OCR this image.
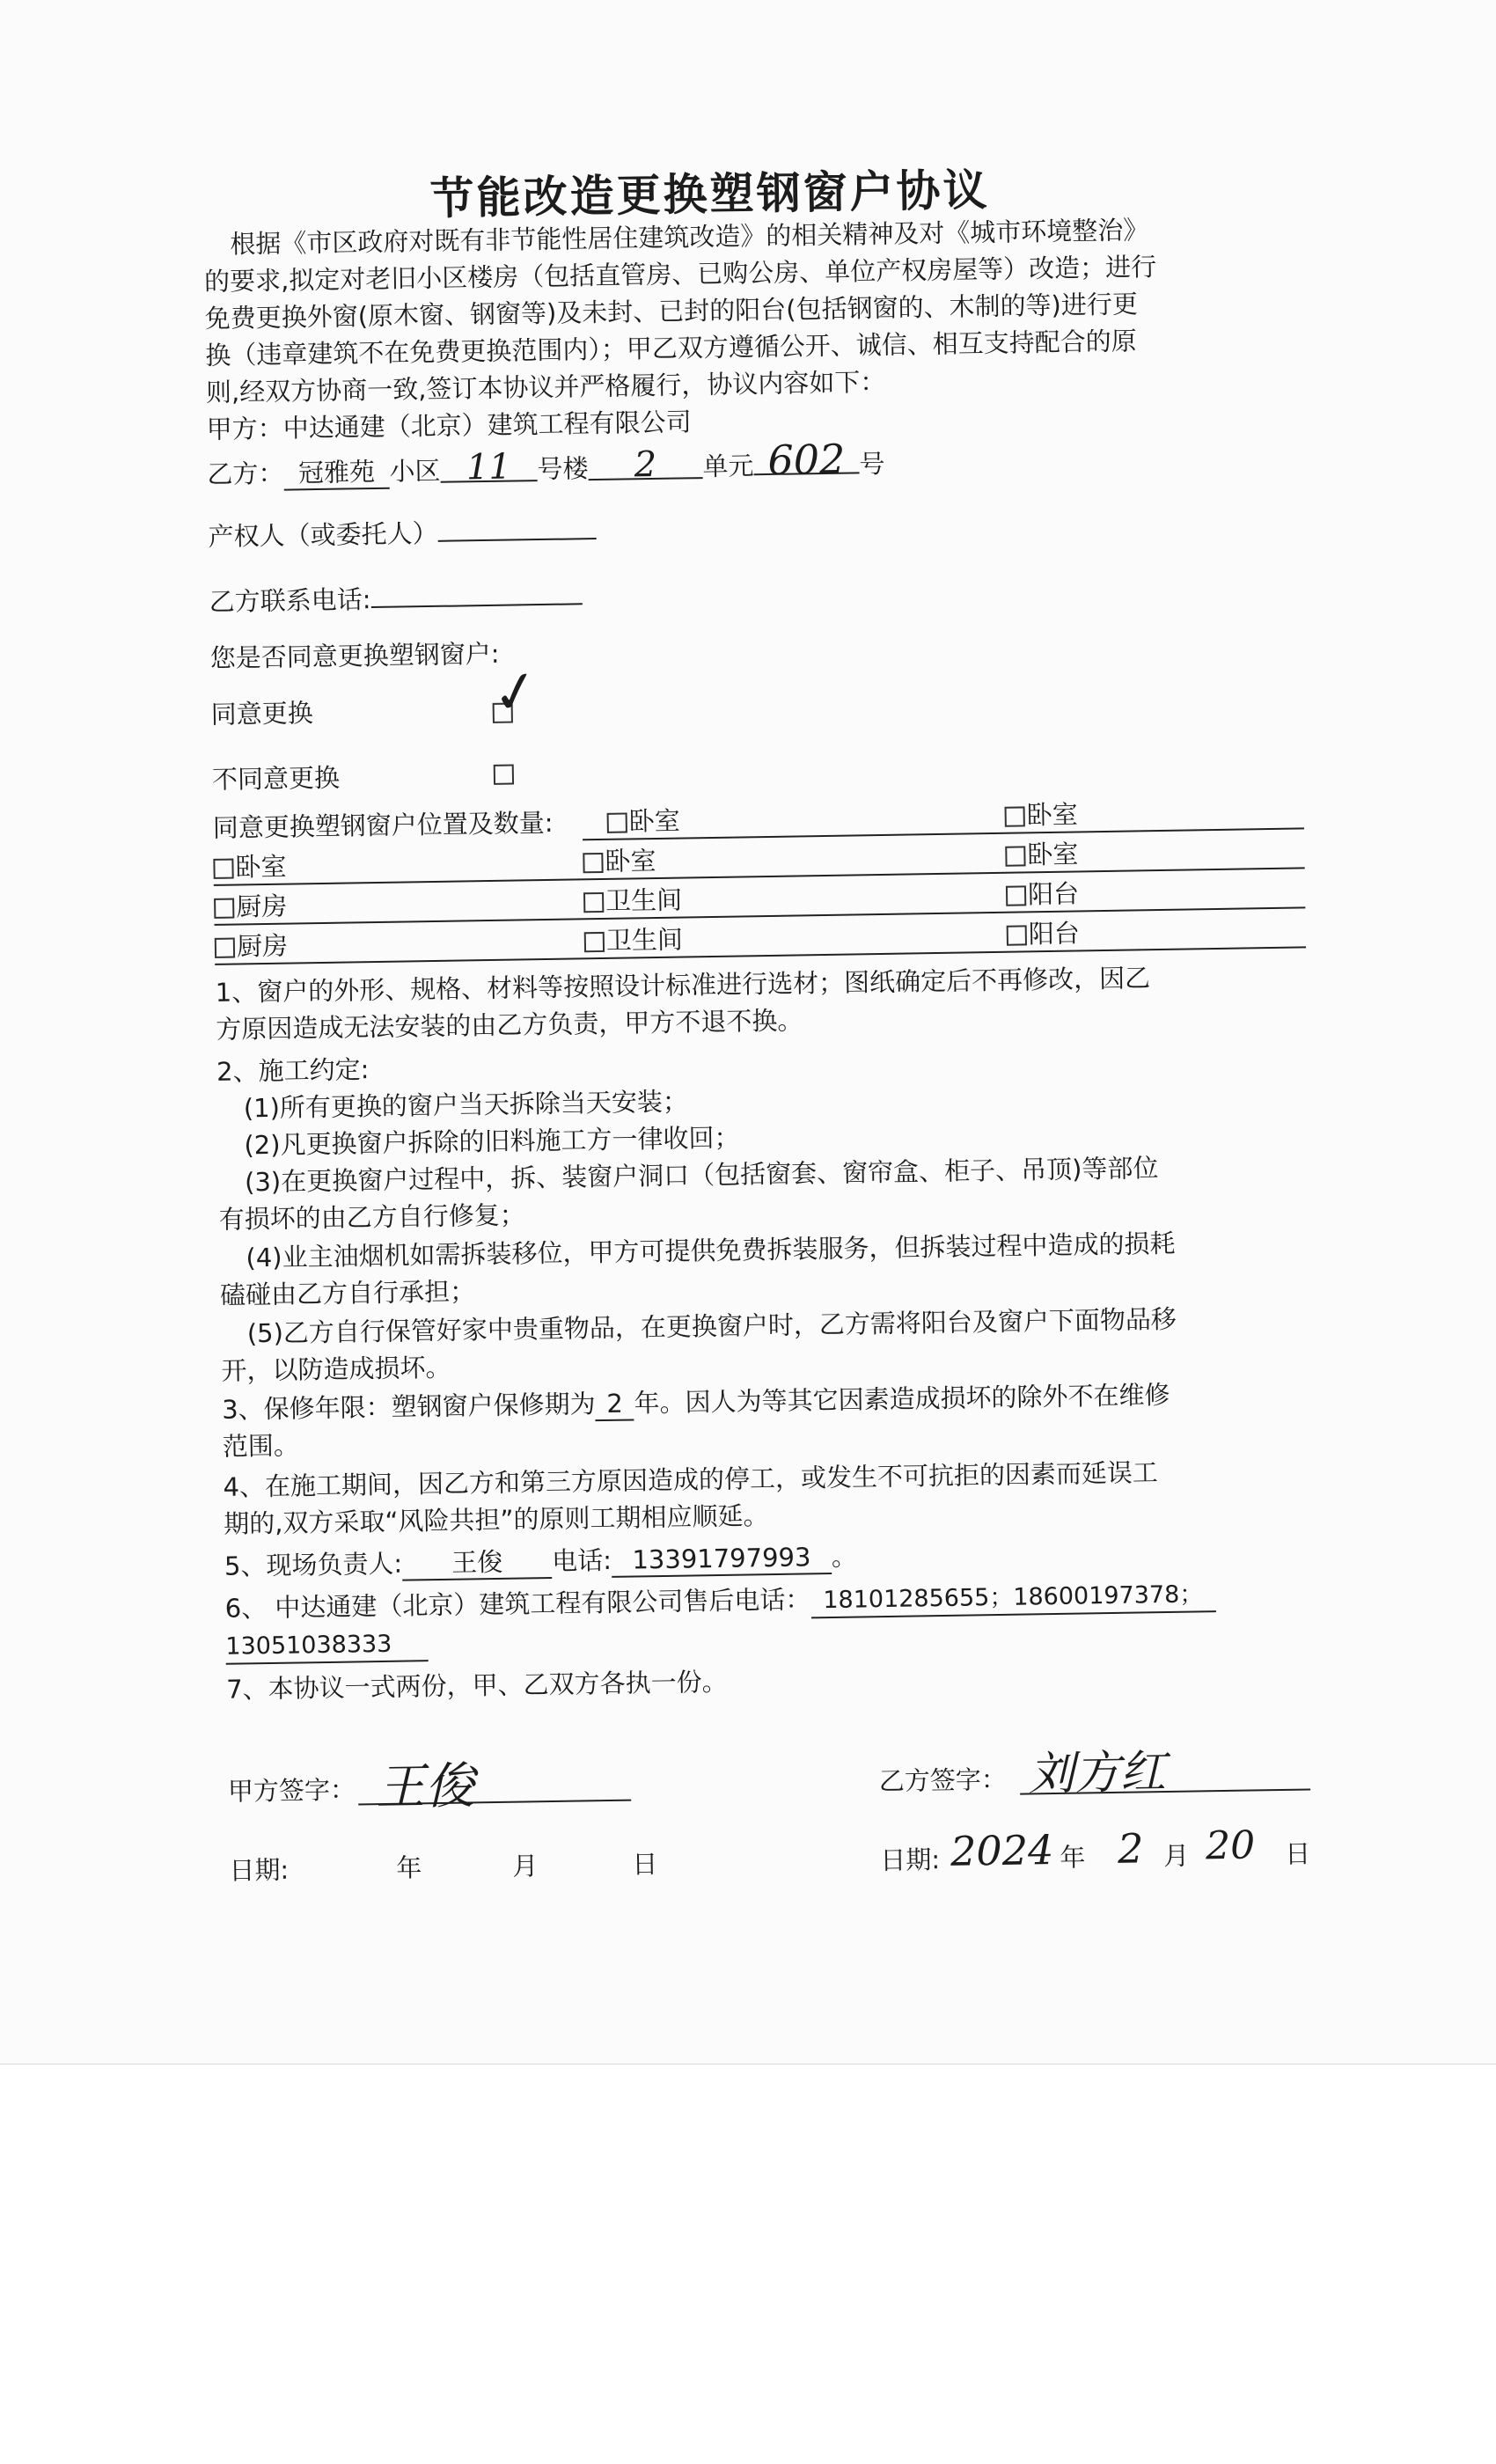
节能改造更换塑钢窗户协议
根据《市区政府对既有非节能性居住建筑改造》的相关精神及对《城市环境整治》
的要求,拟定对老旧小区楼房（包括直管房、已购公房、单位产权房屋等）改造；进行
免费更换外窗(原木窗、钢窗等)及未封、已封的阳台(包括钢窗的、木制的等)进行更
换（违章建筑不在免费更换范围内）；甲乙双方遵循公开、诚信、相互支持配合的原
则,经双方协商一致,签订本协议并严格履行，协议内容如下：
甲方：中达通建（北京）建筑工程有限公司
乙方： 冠雅苑 小区 11 号楼 2 单元 602 号
产权人（或委托人）
乙方联系电话:
您是否同意更换塑钢窗户:
同意更换	✓
不同意更换
同意更换塑钢窗户位置及数量:	卧室	卧室
卧室	卧室	卧室
厨房	卫生间	阳台
厨房	卫生间	阳台
1、窗户的外形、规格、材料等按照设计标准进行选材；图纸确定后不再修改，因乙
方原因造成无法安装的由乙方负责，甲方不退不换。
2、施工约定:
(1)所有更换的窗户当天拆除当天安装；
(2)凡更换窗户拆除的旧料施工方一律收回；
(3)在更换窗户过程中，拆、装窗户洞口（包括窗套、窗帘盒、柜子、吊顶)等部位
有损坏的由乙方自行修复；
(4)业主油烟机如需拆装移位，甲方可提供免费拆装服务，但拆装过程中造成的损耗
磕碰由乙方自行承担；
(5)乙方自行保管好家中贵重物品，在更换窗户时，乙方需将阳台及窗户下面物品移
开，以防造成损坏。
3、保修年限：塑钢窗户保修期为 2 年。因人为等其它因素造成损坏的除外不在维修
范围。
4、在施工期间，因乙方和第三方原因造成的停工，或发生不可抗拒的因素而延误工
期的,双方采取“风险共担”的原则工期相应顺延。
5、现场负责人: 王俊 电话: 13391797993 。
6、 中达通建（北京）建筑工程有限公司售后电话： 18101285655；18600197378；
13051038333
7、本协议一式两份，甲、乙双方各执一份。
甲方签字： 王俊	乙方签字： 刘方红
日期:	年	月	日	日期: 2024 年 2 月 20 日
